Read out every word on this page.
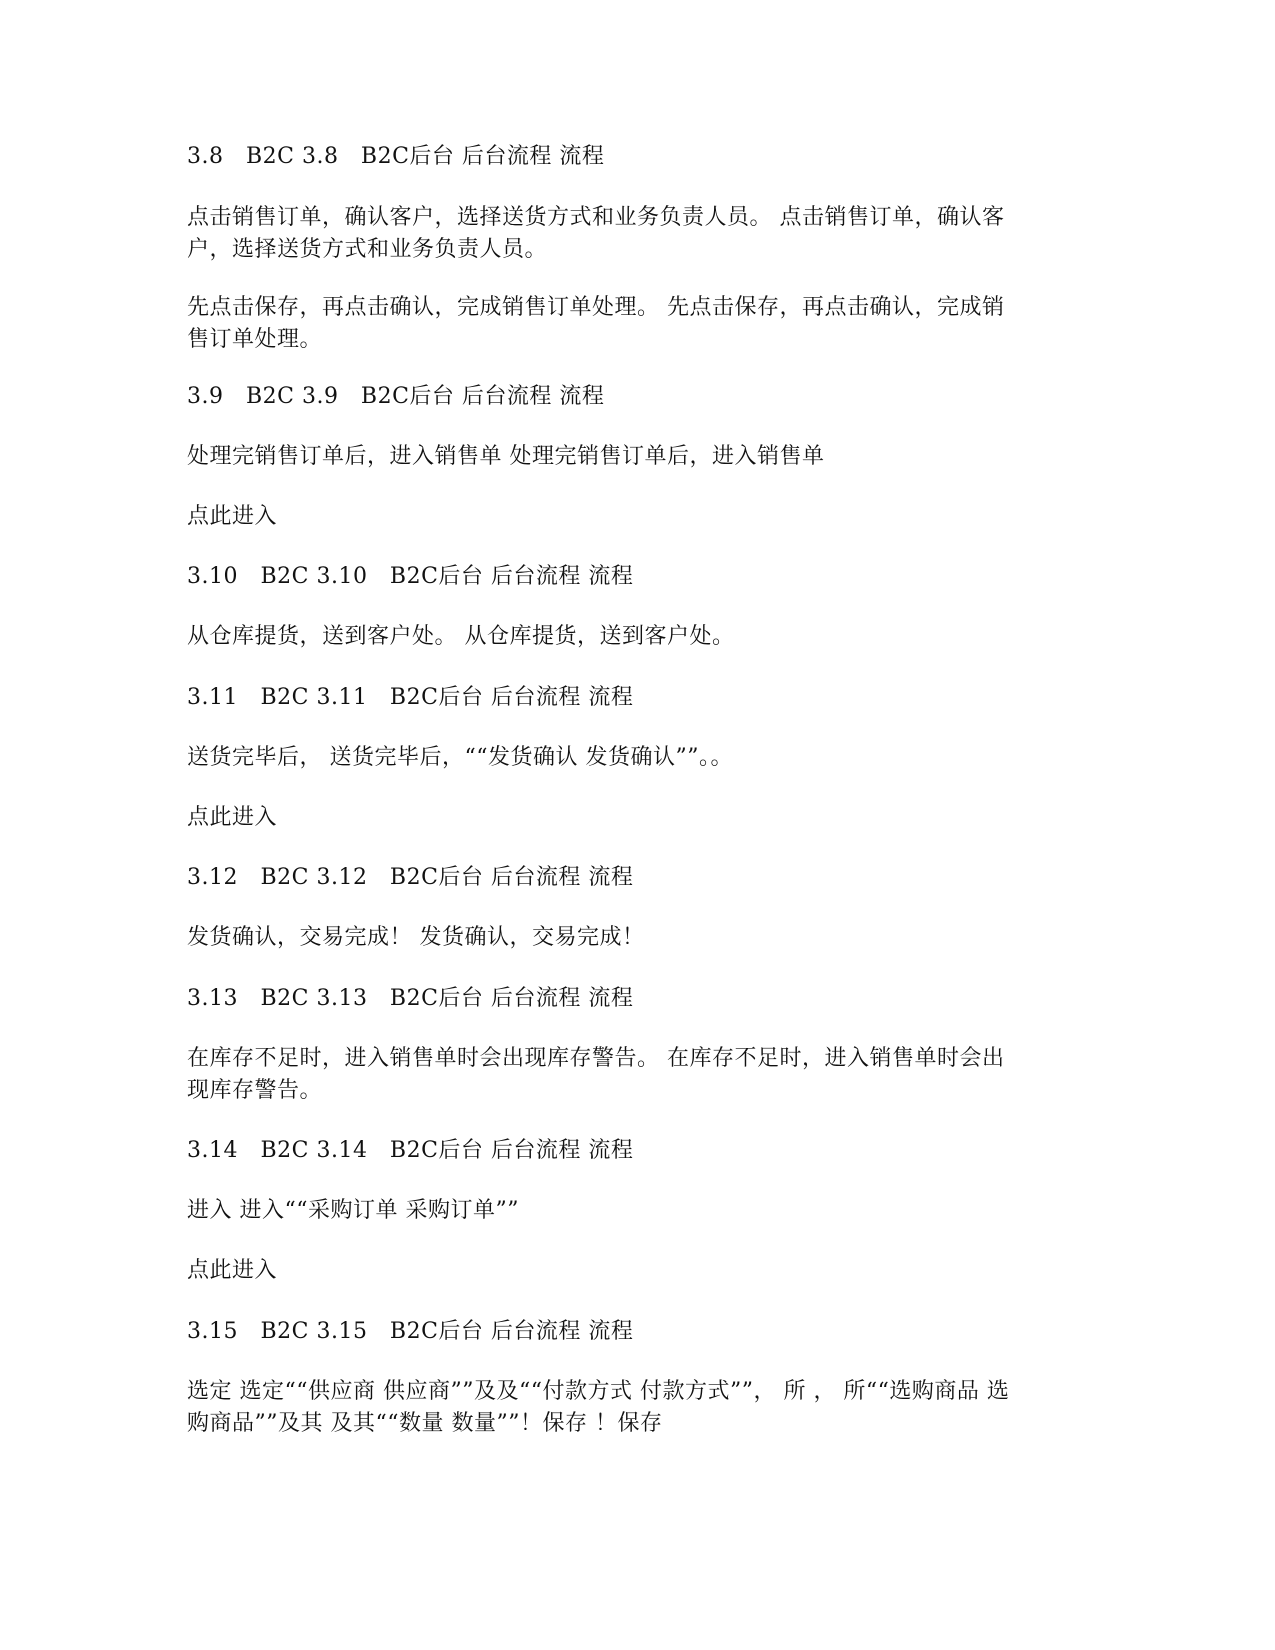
3.8   B2C 3.8   B2C后台 后台流程 流程
点击销售订单，确认客户，选择送货方式和业务负责人员。 点击销售订单，确认客
户，选择送货方式和业务负责人员。
先点击保存，再点击确认，完成销售订单处理。 先点击保存，再点击确认，完成销
售订单处理。
3.9   B2C 3.9   B2C后台 后台流程 流程
处理完销售订单后，进入销售单 处理完销售订单后，进入销售单
点此进入
3.10   B2C 3.10   B2C后台 后台流程 流程
从仓库提货，送到客户处。 从仓库提货，送到客户处。
3.11   B2C 3.11   B2C后台 后台流程 流程
送货完毕后， 送货完毕后，““发货确认 发货确认””。。
点此进入
3.12   B2C 3.12   B2C后台 后台流程 流程
发货确认，交易完成！ 发货确认，交易完成！
3.13   B2C 3.13   B2C后台 后台流程 流程
在库存不足时，进入销售单时会出现库存警告。 在库存不足时，进入销售单时会出
现库存警告。
3.14   B2C 3.14   B2C后台 后台流程 流程
进入 进入““采购订单 采购订单””
点此进入
3.15   B2C 3.15   B2C后台 后台流程 流程
选定 选定““供应商 供应商””及及““付款方式 付款方式””， 所 ， 所““选购商品 选
购商品””及其 及其““数量 数量””！保存 ！保存
